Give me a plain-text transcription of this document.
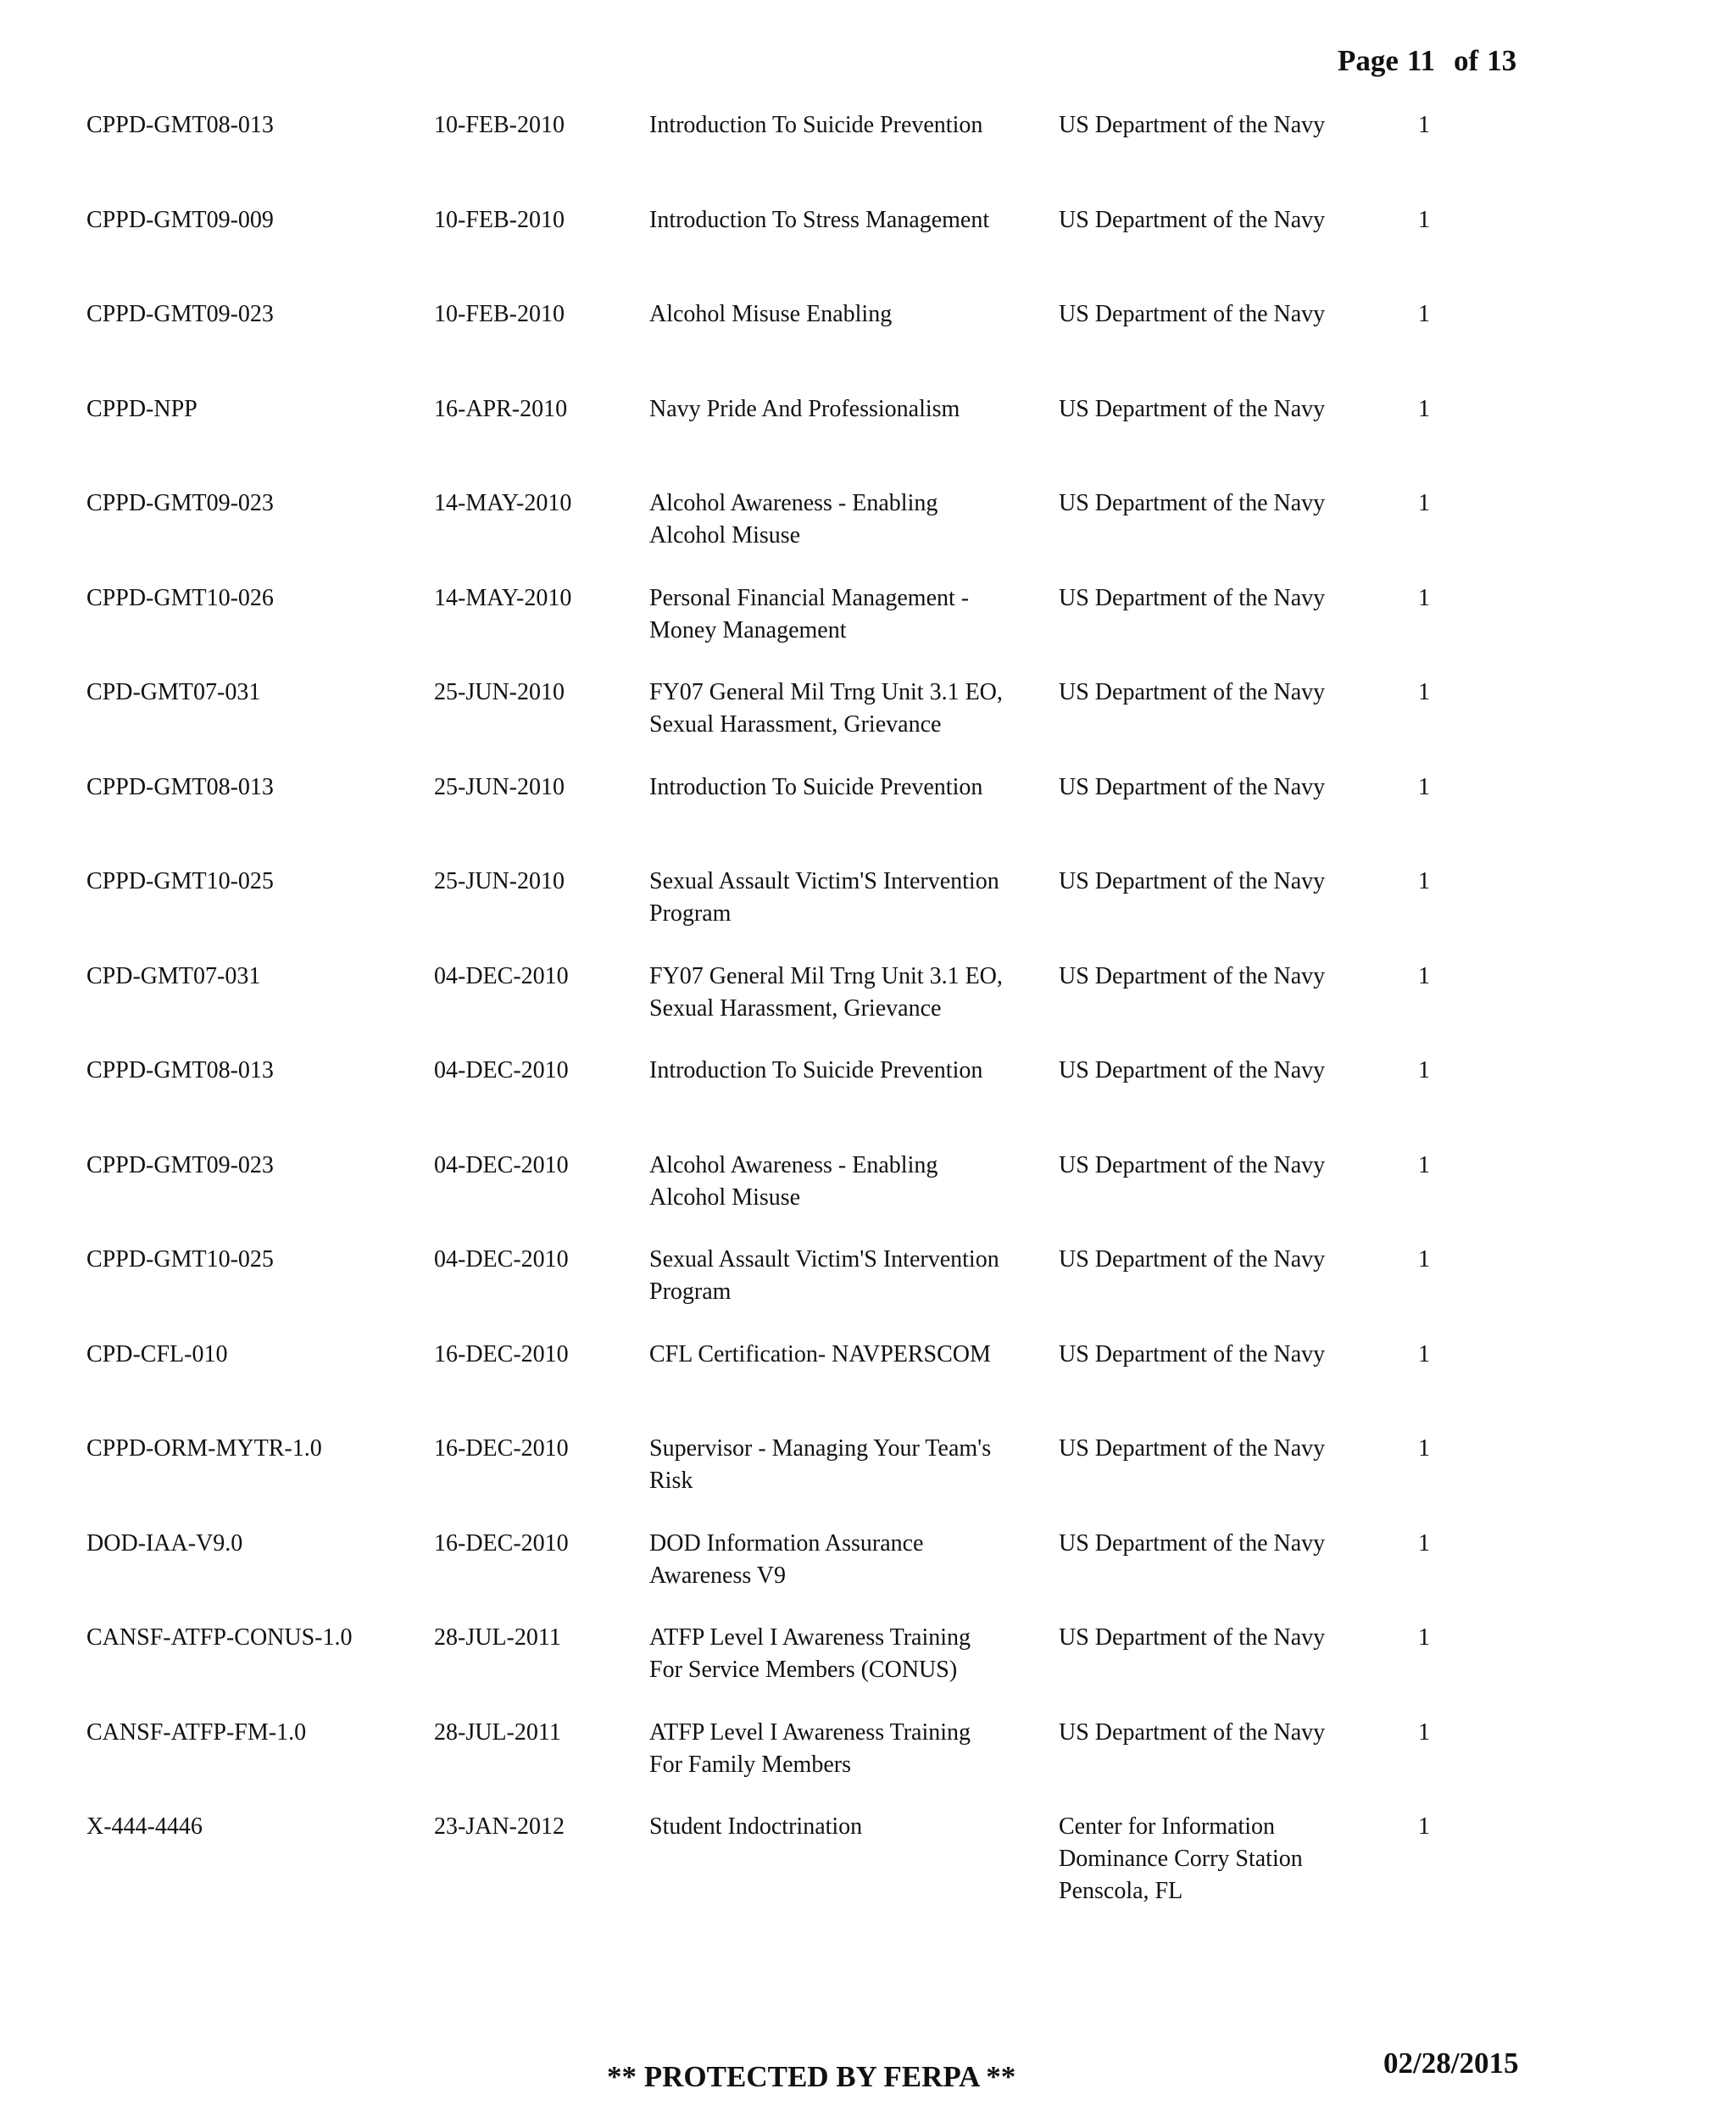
Page 11 of 13
CPPD-GMT08-013	10-FEB-2010	Introduction To Suicide Prevention	US Department of the Navy	1
CPPD-GMT09-009	10-FEB-2010	Introduction To Stress Management	US Department of the Navy	1
CPPD-GMT09-023	10-FEB-2010	Alcohol Misuse Enabling	US Department of the Navy	1
CPPD-NPP	16-APR-2010	Navy Pride And Professionalism	US Department of the Navy	1
CPPD-GMT09-023	14-MAY-2010	Alcohol Awareness - Enabling
Alcohol Misuse
US Department of the Navy	1
CPPD-GMT10-026	14-MAY-2010	Personal Financial Management -
Money Management
US Department of the Navy	1
CPD-GMT07-031	25-JUN-2010	FY07 General Mil Trng Unit 3.1 EO,
Sexual Harassment, Grievance
US Department of the Navy	1
CPPD-GMT08-013	25-JUN-2010	Introduction To Suicide Prevention	US Department of the Navy	1
CPPD-GMT10-025	25-JUN-2010	Sexual Assault Victim'S Intervention
Program
US Department of the Navy	1
CPD-GMT07-031	04-DEC-2010	FY07 General Mil Trng Unit 3.1 EO,
Sexual Harassment, Grievance
US Department of the Navy	1
CPPD-GMT08-013	04-DEC-2010	Introduction To Suicide Prevention	US Department of the Navy	1
CPPD-GMT09-023	04-DEC-2010	Alcohol Awareness - Enabling
Alcohol Misuse
US Department of the Navy	1
CPPD-GMT10-025	04-DEC-2010	Sexual Assault Victim'S Intervention
Program
US Department of the Navy	1
CPD-CFL-010	16-DEC-2010	CFL Certification- NAVPERSCOM	US Department of the Navy	1
CPPD-ORM-MYTR-1.0	16-DEC-2010	Supervisor - Managing Your Team's
Risk
US Department of the Navy	1
DOD-IAA-V9.0	16-DEC-2010	DOD Information Assurance
Awareness V9
US Department of the Navy	1
CANSF-ATFP-CONUS-1.0	28-JUL-2011	ATFP Level I Awareness Training
For Service Members (CONUS)
US Department of the Navy	1
CANSF-ATFP-FM-1.0	28-JUL-2011	ATFP Level I Awareness Training
For Family Members
US Department of the Navy	1
X-444-4446	23-JAN-2012	Student Indoctrination	Center for Information
Dominance Corry Station
Penscola, FL
1
** PROTECTED BY FERPA **	02/28/2015
